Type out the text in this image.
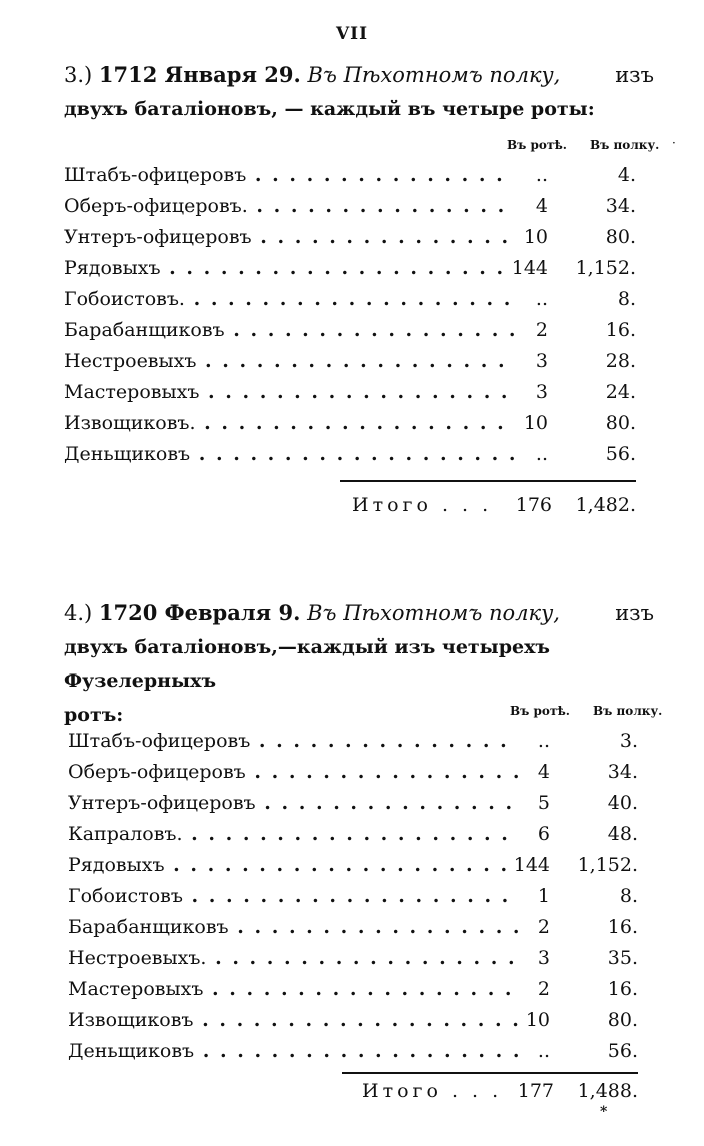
VII
3.) 1712 Января 29. Въ Пѣхотномъ полку,	изъ
двухъ баталіоновъ, — каждый въ четыре роты:
Въ ротѣ. Въ полку. ·
Штабъ-офицеровъ . . .	..	4.
Оберъ-офицеровъ. . . .	4	34.
Унтеръ-офицеровъ . . .	10	80.
Рядовыхъ . . .	144	1,152.
Гобоистовъ. . . .	..	8.
Барабанщиковъ . . .	2	16.
Нестроевыхъ . . .	3	28.
Мастеровыхъ . . .	3	24.
Извощиковъ. . . .	10	80.
Деньщиковъ . . .	..	56.
Итого . . .	176	1,482.
4.) 1720 Февраля 9. Въ Пѣхотномъ полку,	изъ
двухъ баталіоновъ,—каждый изъ четырехъ Фузелерныхъ
ротъ:	Въ ротѣ. Въ полку.
Штабъ-офицеровъ . . .	..	3.
Оберъ-офицеровъ . . .	4	34.
Унтеръ-офицеровъ . . .	5	40.
Капраловъ. . . .	6	48.
Рядовыхъ . . .	144	1,152.
Гобоистовъ . . .	1	8.
Барабанщиковъ . . .	2	16.
Нестроевыхъ. . . .	3	35.
Мастеровыхъ . . .	2	16.
Извощиковъ . . .	10	80.
Деньщиковъ . . .	..	56.
Итого . . . 177	1,488.
*
